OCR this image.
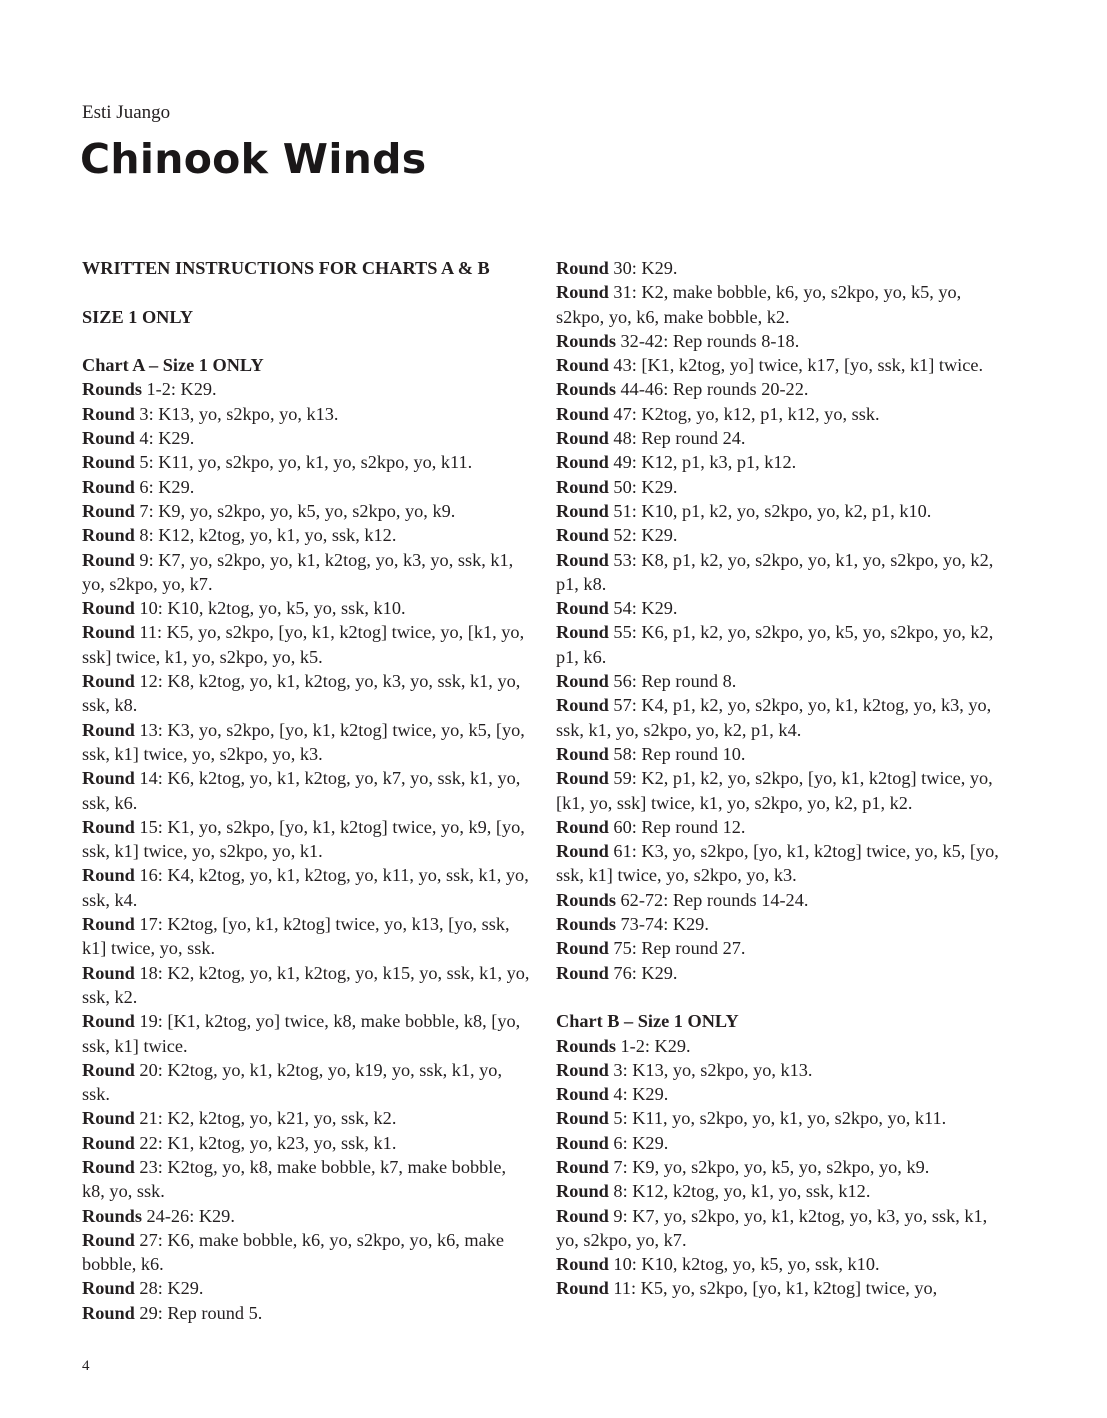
Esti Juango
Chinook Winds

WRITTEN INSTRUCTIONS FOR CHARTS A & B

SIZE 1 ONLY

Chart A – Size 1 ONLY

Rounds 1-2: K29.

Round 3: K13, yo, s2kpo, yo, k13.

Round 4: K29.

Round 5: K11, yo, s2kpo, yo, k1, yo, s2kpo, yo, k11.

Round 6: K29.

Round 7: K9, yo, s2kpo, yo, k5, yo, s2kpo, yo, k9.

Round 8: K12, k2tog, yo, k1, yo, ssk, k12.

Round 9: K7, yo, s2kpo, yo, k1, k2tog, yo, k3, yo, ssk, k1, yo, s2kpo, yo, k7.

Round 10: K10, k2tog, yo, k5, yo, ssk, k10.

Round 11: K5, yo, s2kpo, [yo, k1, k2tog] twice, yo, [k1, yo, ssk] twice, k1, yo, s2kpo, yo, k5.

Round 12: K8, k2tog, yo, k1, k2tog, yo, k3, yo, ssk, k1, yo, ssk, k8.

Round 13: K3, yo, s2kpo, [yo, k1, k2tog] twice, yo, k5, [yo, ssk, k1] twice, yo, s2kpo, yo, k3.

Round 14: K6, k2tog, yo, k1, k2tog, yo, k7, yo, ssk, k1, yo, ssk, k6.

Round 15: K1, yo, s2kpo, [yo, k1, k2tog] twice, yo, k9, [yo, ssk, k1] twice, yo, s2kpo, yo, k1.

Round 16: K4, k2tog, yo, k1, k2tog, yo, k11, yo, ssk, k1, yo, ssk, k4.

Round 17: K2tog, [yo, k1, k2tog] twice, yo, k13, [yo, ssk, k1] twice, yo, ssk.

Round 18: K2, k2tog, yo, k1, k2tog, yo, k15, yo, ssk, k1, yo, ssk, k2.

Round 19: [K1, k2tog, yo] twice, k8, make bobble, k8, [yo, ssk, k1] twice.

Round 20: K2tog, yo, k1, k2tog, yo, k19, yo, ssk, k1, yo, ssk.

Round 21: K2, k2tog, yo, k21, yo, ssk, k2.

Round 22: K1, k2tog, yo, k23, yo, ssk, k1.

Round 23: K2tog, yo, k8, make bobble, k7, make bobble, k8, yo, ssk.

Rounds 24-26: K29.

Round 27: K6, make bobble, k6, yo, s2kpo, yo, k6, make bobble, k6.

Round 28: K29.

Round 29: Rep round 5.

Round 30: K29.

Round 31: K2, make bobble, k6, yo, s2kpo, yo, k5, yo, s2kpo, yo, k6, make bobble, k2.

Rounds 32-42: Rep rounds 8-18.

Round 43: [K1, k2tog, yo] twice, k17, [yo, ssk, k1] twice.

Rounds 44-46: Rep rounds 20-22.

Round 47: K2tog, yo, k12, p1, k12, yo, ssk.

Round 48: Rep round 24.

Round 49: K12, p1, k3, p1, k12.

Round 50: K29.

Round 51: K10, p1, k2, yo, s2kpo, yo, k2, p1, k10.

Round 52: K29.

Round 53: K8, p1, k2, yo, s2kpo, yo, k1, yo, s2kpo, yo, k2, p1, k8.

Round 54: K29.

Round 55: K6, p1, k2, yo, s2kpo, yo, k5, yo, s2kpo, yo, k2, p1, k6.

Round 56: Rep round 8.

Round 57: K4, p1, k2, yo, s2kpo, yo, k1, k2tog, yo, k3, yo, ssk, k1, yo, s2kpo, yo, k2, p1, k4.

Round 58: Rep round 10.

Round 59: K2, p1, k2, yo, s2kpo, [yo, k1, k2tog] twice, yo, [k1, yo, ssk] twice, k1, yo, s2kpo, yo, k2, p1, k2.

Round 60: Rep round 12.

Round 61: K3, yo, s2kpo, [yo, k1, k2tog] twice, yo, k5, [yo, ssk, k1] twice, yo, s2kpo, yo, k3.

Rounds 62-72: Rep rounds 14-24.

Rounds 73-74: K29.

Round 75: Rep round 27.

Round 76: K29.

Chart B – Size 1 ONLY

Rounds 1-2: K29.

Round 3: K13, yo, s2kpo, yo, k13.

Round 4: K29.

Round 5: K11, yo, s2kpo, yo, k1, yo, s2kpo, yo, k11.

Round 6: K29.

Round 7: K9, yo, s2kpo, yo, k5, yo, s2kpo, yo, k9.

Round 8: K12, k2tog, yo, k1, yo, ssk, k12.

Round 9: K7, yo, s2kpo, yo, k1, k2tog, yo, k3, yo, ssk, k1, yo, s2kpo, yo, k7.

Round 10: K10, k2tog, yo, k5, yo, ssk, k10.

Round 11: K5, yo, s2kpo, [yo, k1, k2tog] twice, yo,

4
